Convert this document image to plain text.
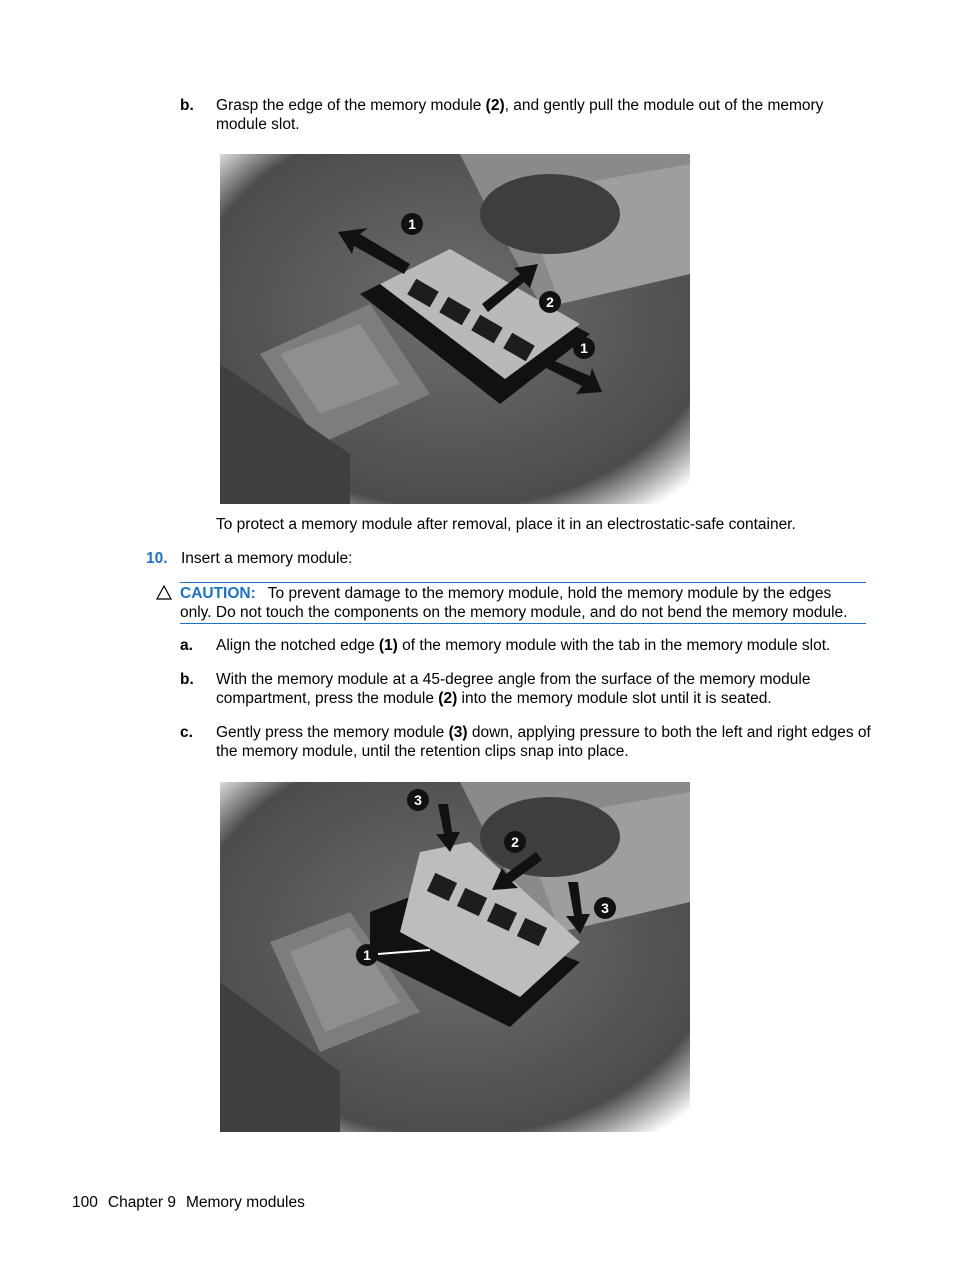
b. Grasp the edge of the memory module (2), and gently pull the module out of the memory module slot.
1
2
1
To protect a memory module after removal, place it in an electrostatic-safe container.
10. Insert a memory module:
CAUTION: To prevent damage to the memory module, hold the memory module by the edges only. Do not touch the components on the memory module, and do not bend the memory module.
a. Align the notched edge (1) of the memory module with the tab in the memory module slot.
b. With the memory module at a 45-degree angle from the surface of the memory module compartment, press the module (2) into the memory module slot until it is seated.
c. Gently press the memory module (3) down, applying pressure to both the left and right edges of the memory module, until the retention clips snap into place.
3
2
3
1
100 Chapter 9 Memory modules
